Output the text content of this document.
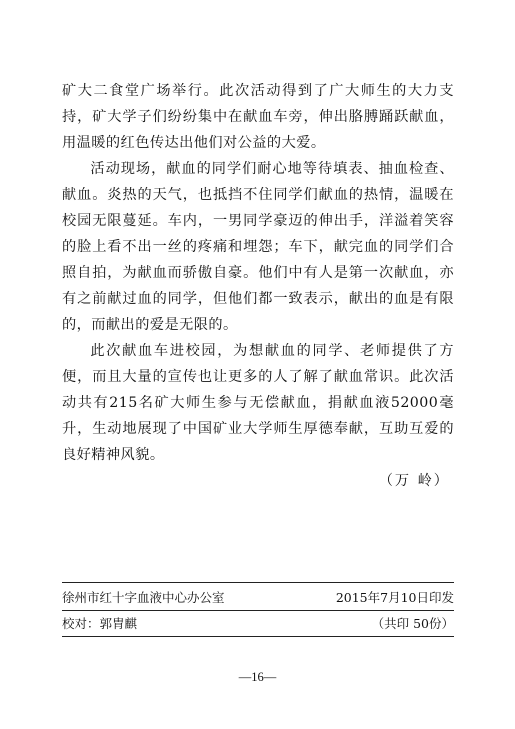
矿大二食堂广场举行。此次活动得到了广大师生的大力支持，矿大学子们纷纷集中在献血车旁，伸出胳膊踊跃献血，用温暖的红色传达出他们对公益的大爱。

活动现场，献血的同学们耐心地等待填表、抽血检查、献血。炎热的天气，也抵挡不住同学们献血的热情，温暖在校园无限蔓延。车内，一男同学豪迈的伸出手，洋溢着笑容的脸上看不出一丝的疼痛和埋怨；车下，献完血的同学们合照自拍，为献血而骄傲自豪。他们中有人是第一次献血，亦有之前献过血的同学，但他们都一致表示，献出的血是有限的，而献出的爱是无限的。

此次献血车进校园，为想献血的同学、老师提供了方便，而且大量的宣传也让更多的人了解了献血常识。此次活动共有215名矿大师生参与无偿献血，捐献血液52000毫升，生动地展现了中国矿业大学师生厚德奉献，互助互爱的良好精神风貌。

（万 岭）

徐州市红十字血液中心办公室	2015年7月10日印发
校对：郭胄麒	（共印 50份）
—16—
